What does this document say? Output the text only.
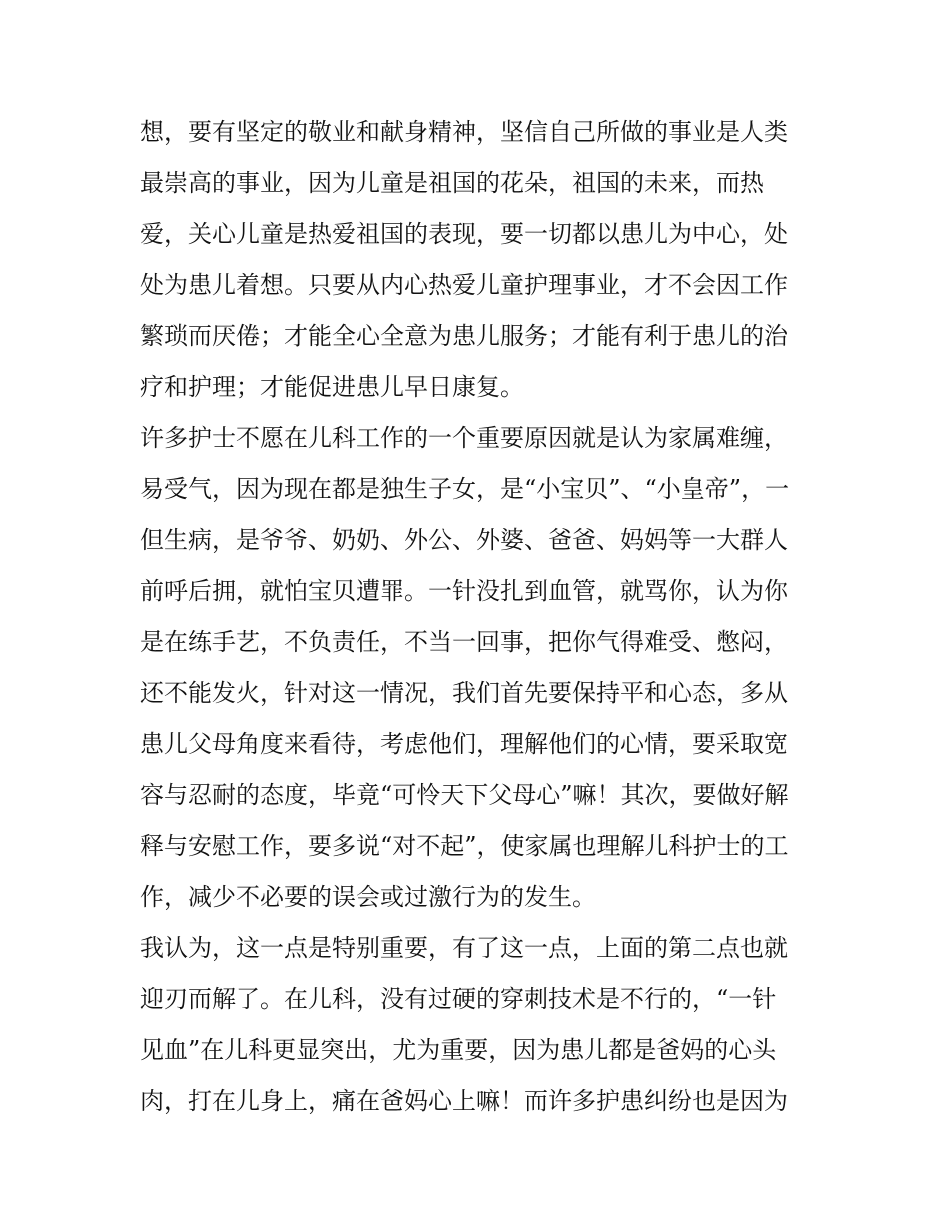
想，要有坚定的敬业和献身精神，坚信自己所做的事业是人类
最崇高的事业，因为儿童是祖国的花朵，祖国的未来，而热
爱，关心儿童是热爱祖国的表现，要一切都以患儿为中心，处
处为患儿着想。只要从内心热爱儿童护理事业，才不会因工作
繁琐而厌倦；才能全心全意为患儿服务；才能有利于患儿的治
疗和护理；才能促进患儿早日康复。
许多护士不愿在儿科工作的一个重要原因就是认为家属难缠，
易受气，因为现在都是独生子女，是“小宝贝”、“小皇帝”，一
但生病，是爷爷、奶奶、外公、外婆、爸爸、妈妈等一大群人
前呼后拥，就怕宝贝遭罪。一针没扎到血管，就骂你，认为你
是在练手艺，不负责任，不当一回事，把你气得难受、憋闷，
还不能发火，针对这一情况，我们首先要保持平和心态，多从
患儿父母角度来看待，考虑他们，理解他们的心情，要采取宽
容与忍耐的态度，毕竟“可怜天下父母心”嘛！其次，要做好解
释与安慰工作，要多说“对不起”，使家属也理解儿科护士的工
作，减少不必要的误会或过激行为的发生。
我认为，这一点是特别重要，有了这一点，上面的第二点也就
迎刃而解了。在儿科，没有过硬的穿刺技术是不行的，“一针
见血”在儿科更显突出，尤为重要，因为患儿都是爸妈的心头
肉，打在儿身上，痛在爸妈心上嘛！而许多护患纠纷也是因为
